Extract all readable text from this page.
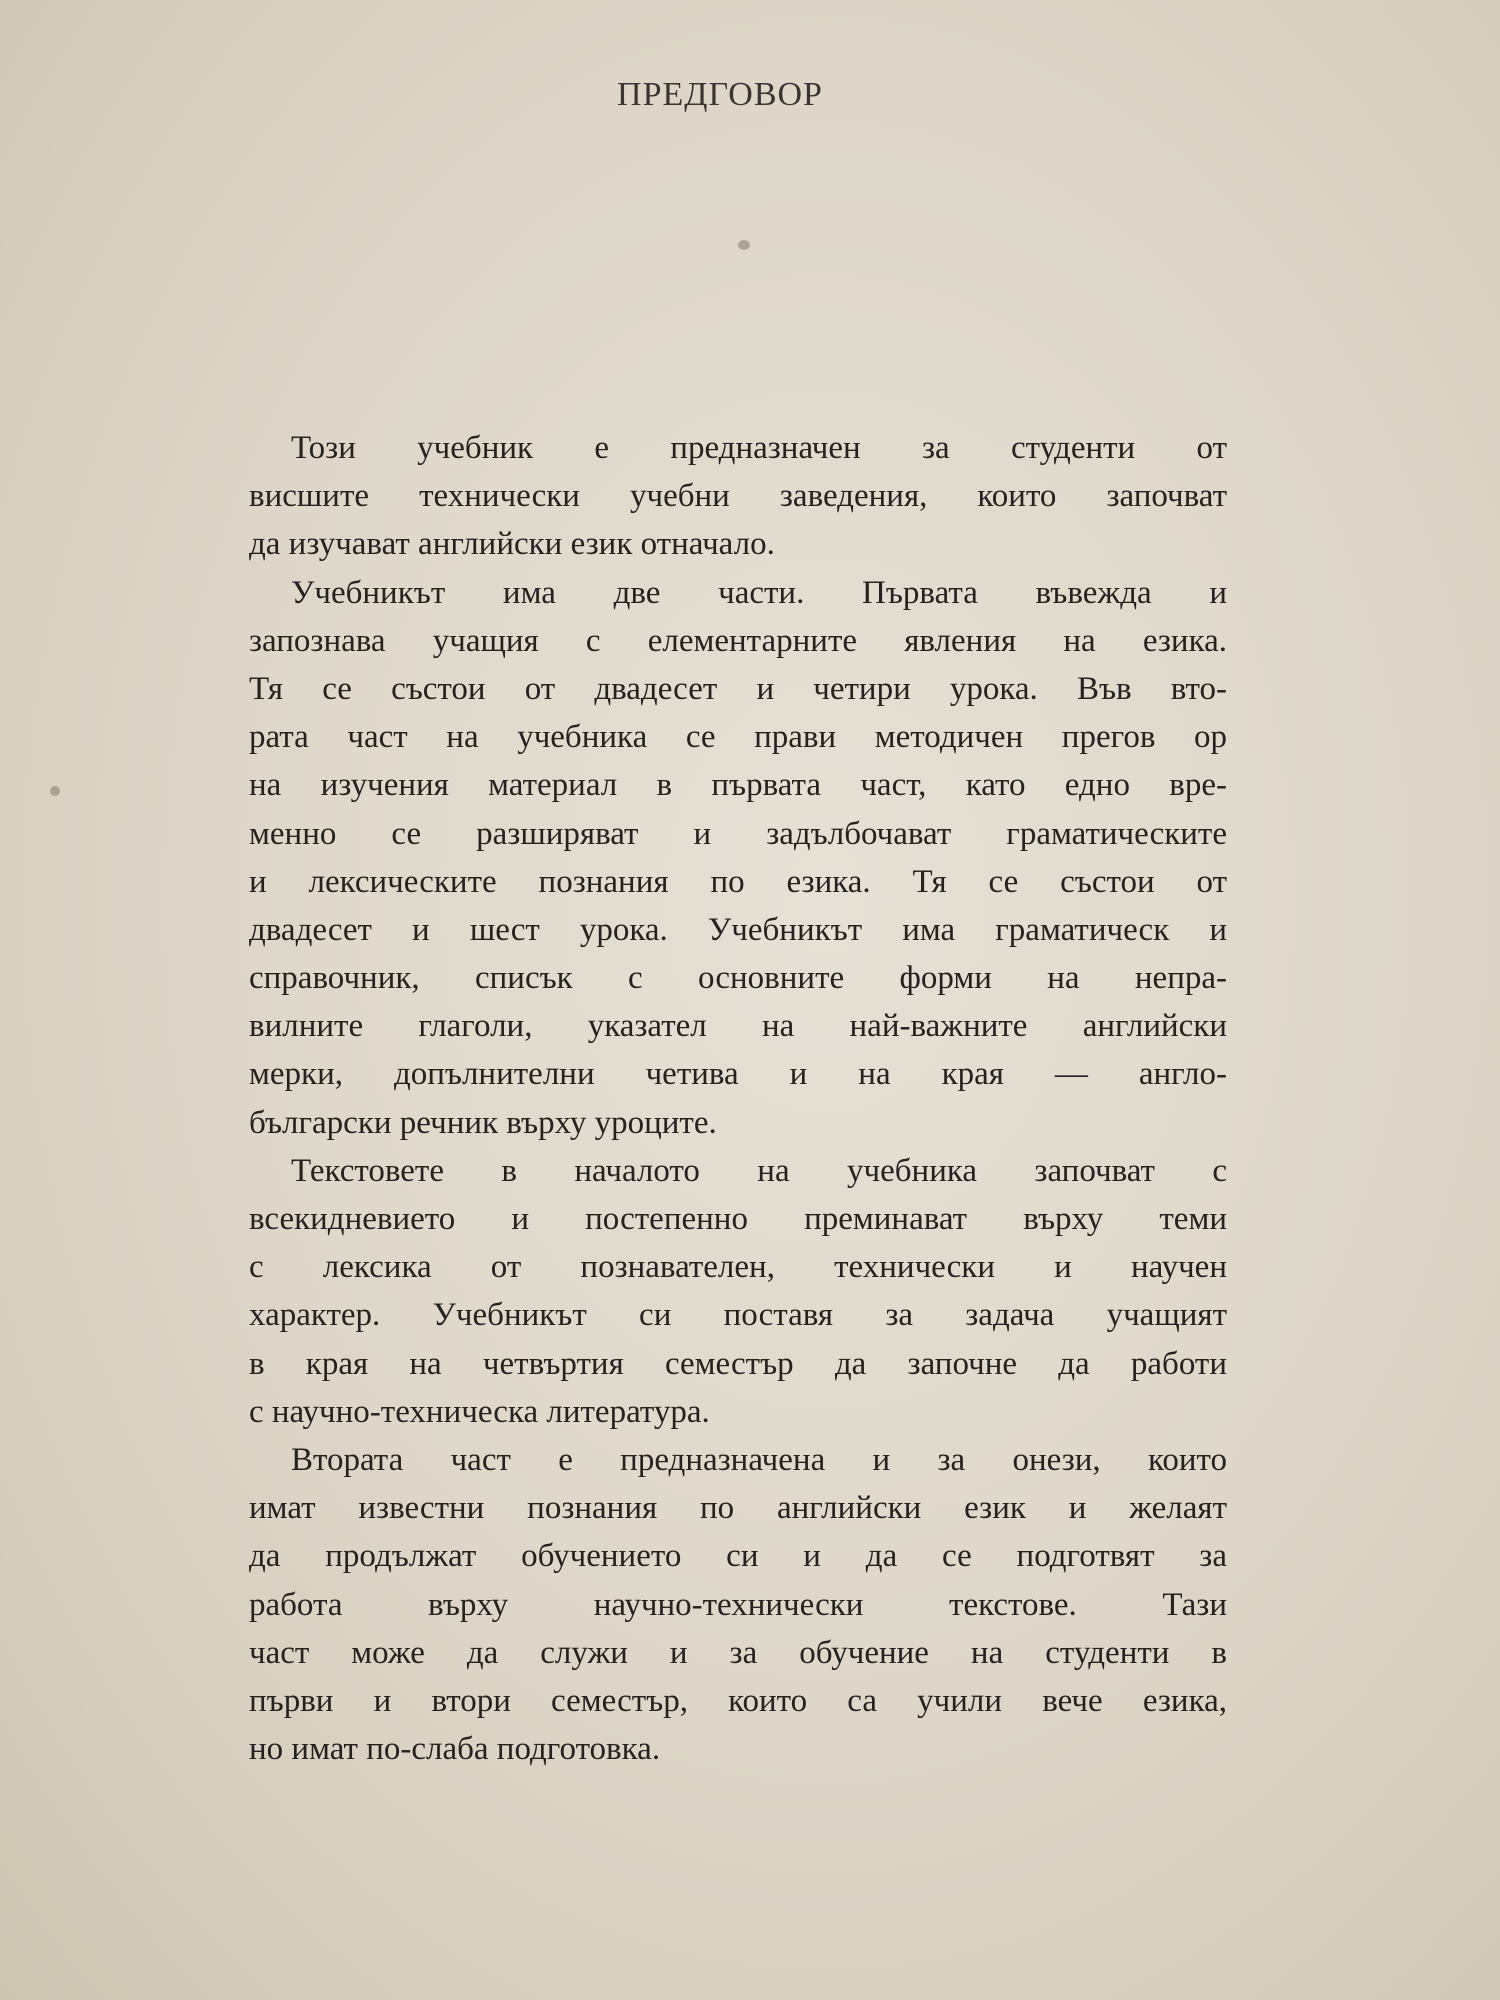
ПРЕДГОВОР
Този учебник е предназначен за студенти от
висшите технически учебни заведения, които започват
да изучават английски език отначало.
Учебникът има две части. Първата въвежда и
запознава учащия с елементарните явления на езика.
Тя се състои от двадесет и четири урока. Във вто-
рата част на учебника се прави методичен прегов ор
на изучения материал в първата част, като едно вре-
менно се разширяват и задълбочават граматическите
и лексическите познания по езика. Тя се състои от
двадесет и шест урока. Учебникът има граматическ и
справочник, списък с основните форми на непра-
вилните глаголи, указател на най-важните английски
мерки, допълнителни четива и на края — англо-
български речник върху уроците.
Текстовете в началото на учебника започват с
всекидневието и постепенно преминават върху теми
с лексика от познавателен, технически и научен
характер. Учебникът си поставя за задача учащият
в края на четвъртия семестър да започне да работи
с научно-техническа литература.
Втората част е предназначена и за онези, които
имат известни познания по английски език и желаят
да продължат обучението си и да се подготвят за
работа върху научно-технически текстове. Тази
част може да служи и за обучение на студенти в
първи и втори семестър, които са учили вече езика,
но имат по-слаба подготовка.
